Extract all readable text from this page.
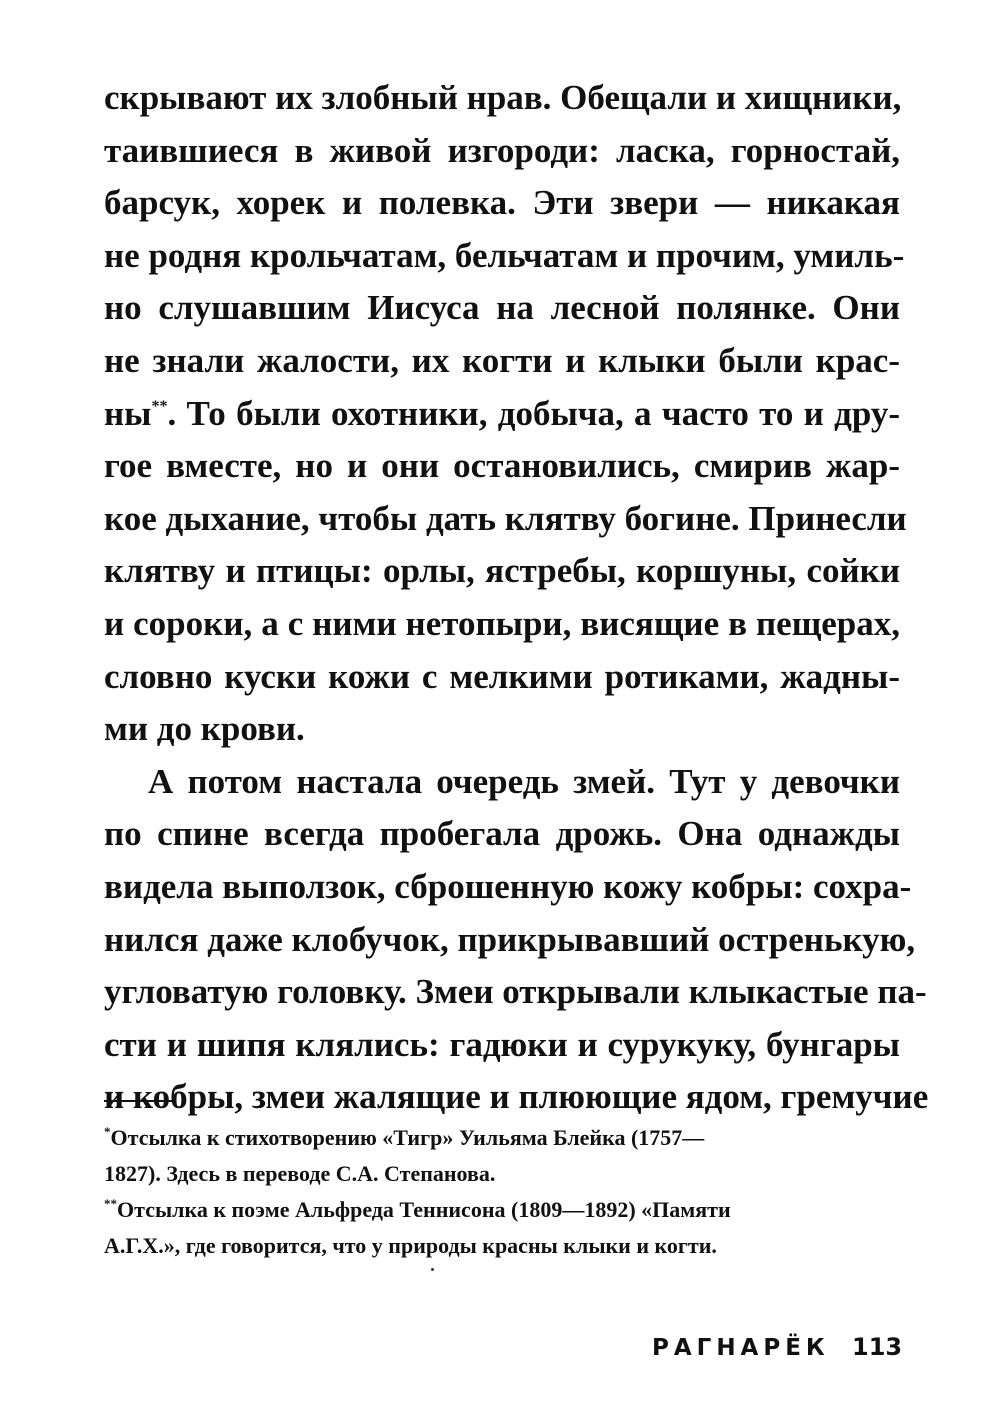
скрывают их злобный нрав. Обещали и хищники,
таившиеся в живой изгороди: ласка, горностай,
барсук, хорек и полевка. Эти звери — никакая
не родня крольчатам, бельчатам и прочим, умиль-
но слушавшим Иисуса на лесной полянке. Они
не знали жалости, их когти и клыки были крас-
ны**. То были охотники, добыча, а часто то и дру-
гое вместе, но и они остановились, смирив жар-
кое дыхание, чтобы дать клятву богине. Принесли
клятву и птицы: орлы, ястребы, коршуны, сойки
и сороки, а с ними нетопыри, висящие в пещерах,
словно куски кожи с мелкими ротиками, жадны-
ми до крови.
А потом настала очередь змей. Тут у девочки
по спине всегда пробегала дрожь. Она однажды
видела выползок, сброшенную кожу кобры: сохра-
нился даже клобучок, прикрывавший остренькую,
угловатую головку. Змеи открывали клыкастые па-
сти и шипя клялись: гадюки и сурукуку, бунгары
и кобры, змеи жалящие и плюющие ядом, гремучие
*Отсылка к стихотворению «Тигр» Уильяма Блейка (1757—
1827). Здесь в переводе С.А. Степанова.
**Отсылка к поэме Альфреда Теннисона (1809—1892) «Памяти
А.Г.Х.», где говорится, что у природы красны клыки и когти.
РАГНАРЁК 113
